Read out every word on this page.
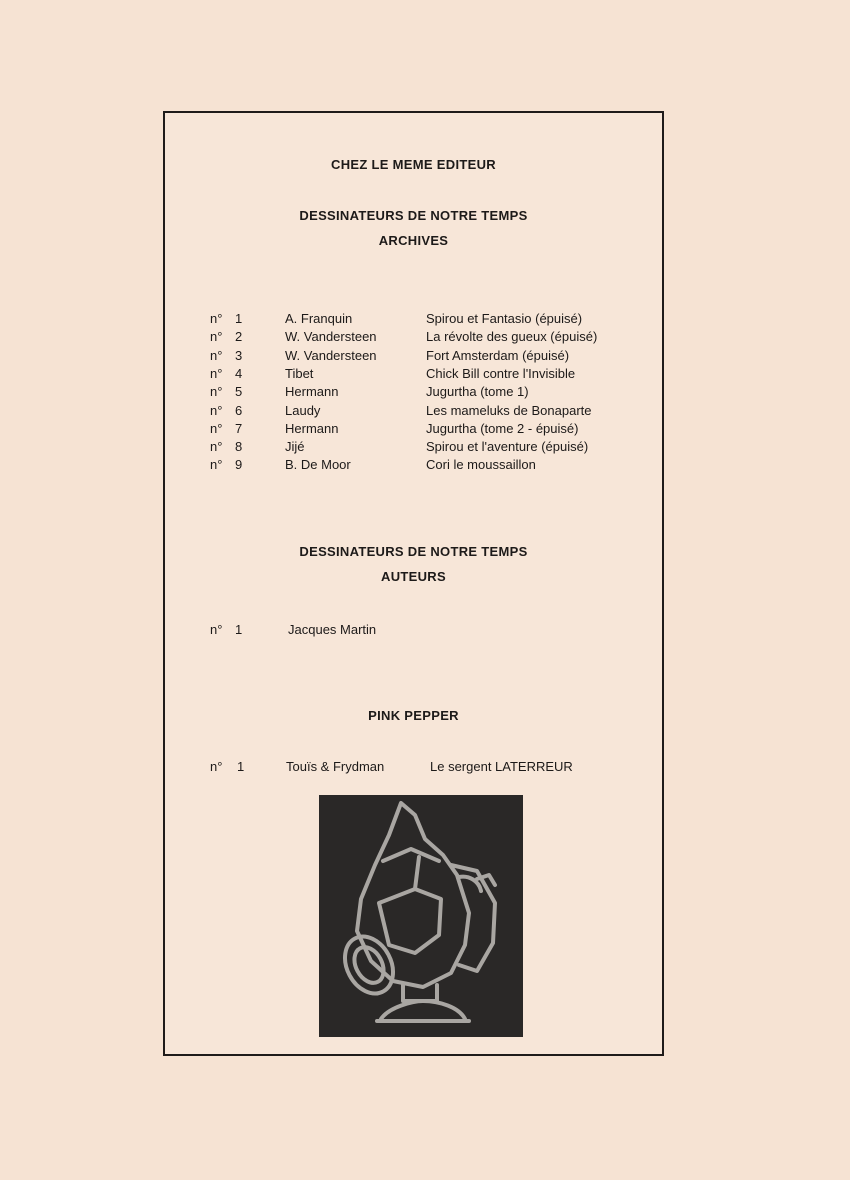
CHEZ LE MEME EDITEUR
DESSINATEURS DE NOTRE TEMPS
ARCHIVES
n° 1	A. Franquin	Spirou et Fantasio (épuisé)
n° 2	W. Vandersteen	La révolte des gueux (épuisé)
n° 3	W. Vandersteen	Fort Amsterdam (épuisé)
n° 4	Tibet	Chick Bill contre l'Invisible
n° 5	Hermann	Jugurtha (tome 1)
n° 6	Laudy	Les mameluks de Bonaparte
n° 7	Hermann	Jugurtha (tome 2 - épuisé)
n° 8	Jijé	Spirou et l'aventure (épuisé)
n° 9	B. De Moor	Cori le moussaillon
DESSINATEURS DE NOTRE TEMPS
AUTEURS
n° 1	Jacques Martin
PINK PEPPER
n° 1	Touïs & Frydman	Le sergent LATERREUR
